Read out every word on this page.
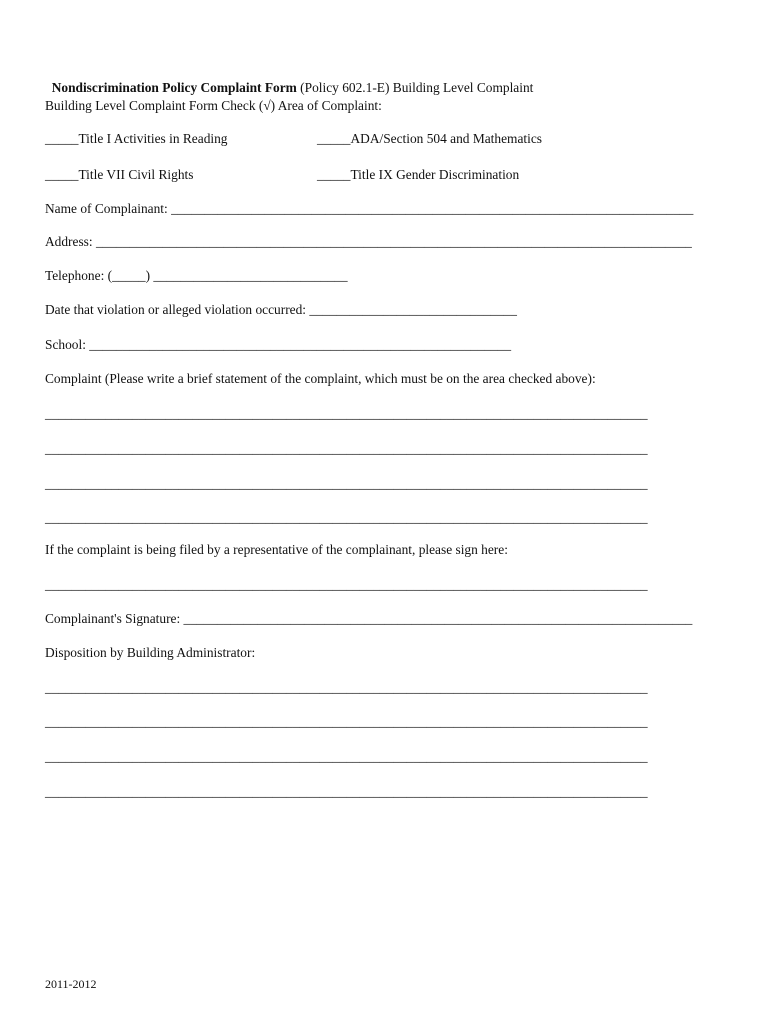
Nondiscrimination Policy Complaint Form (Policy 602.1-E) Building Level Complaint

Building Level Complaint Form Check (√) Area of Complaint:
_____Title I Activities in Reading	_____ADA/Section 504 and Mathematics
_____Title VII Civil Rights	_____Title IX Gender Discrimination
Name of Complainant: ______________________________________________________________________________
Address: _________________________________________________________________________________________
Telephone: (_____) _____________________________
Date that violation or alleged violation occurred: _______________________________
School: _______________________________________________________________
Complaint (Please write a brief statement of the complaint, which must be on the area checked above):
__________________________________________________________________________________________
__________________________________________________________________________________________
__________________________________________________________________________________________
__________________________________________________________________________________________
If the complaint is being filed by a representative of the complainant, please sign here:
__________________________________________________________________________________________
Complainant's Signature: ____________________________________________________________________________
Disposition by Building Administrator:
__________________________________________________________________________________________
__________________________________________________________________________________________
__________________________________________________________________________________________
__________________________________________________________________________________________
2011-2012
